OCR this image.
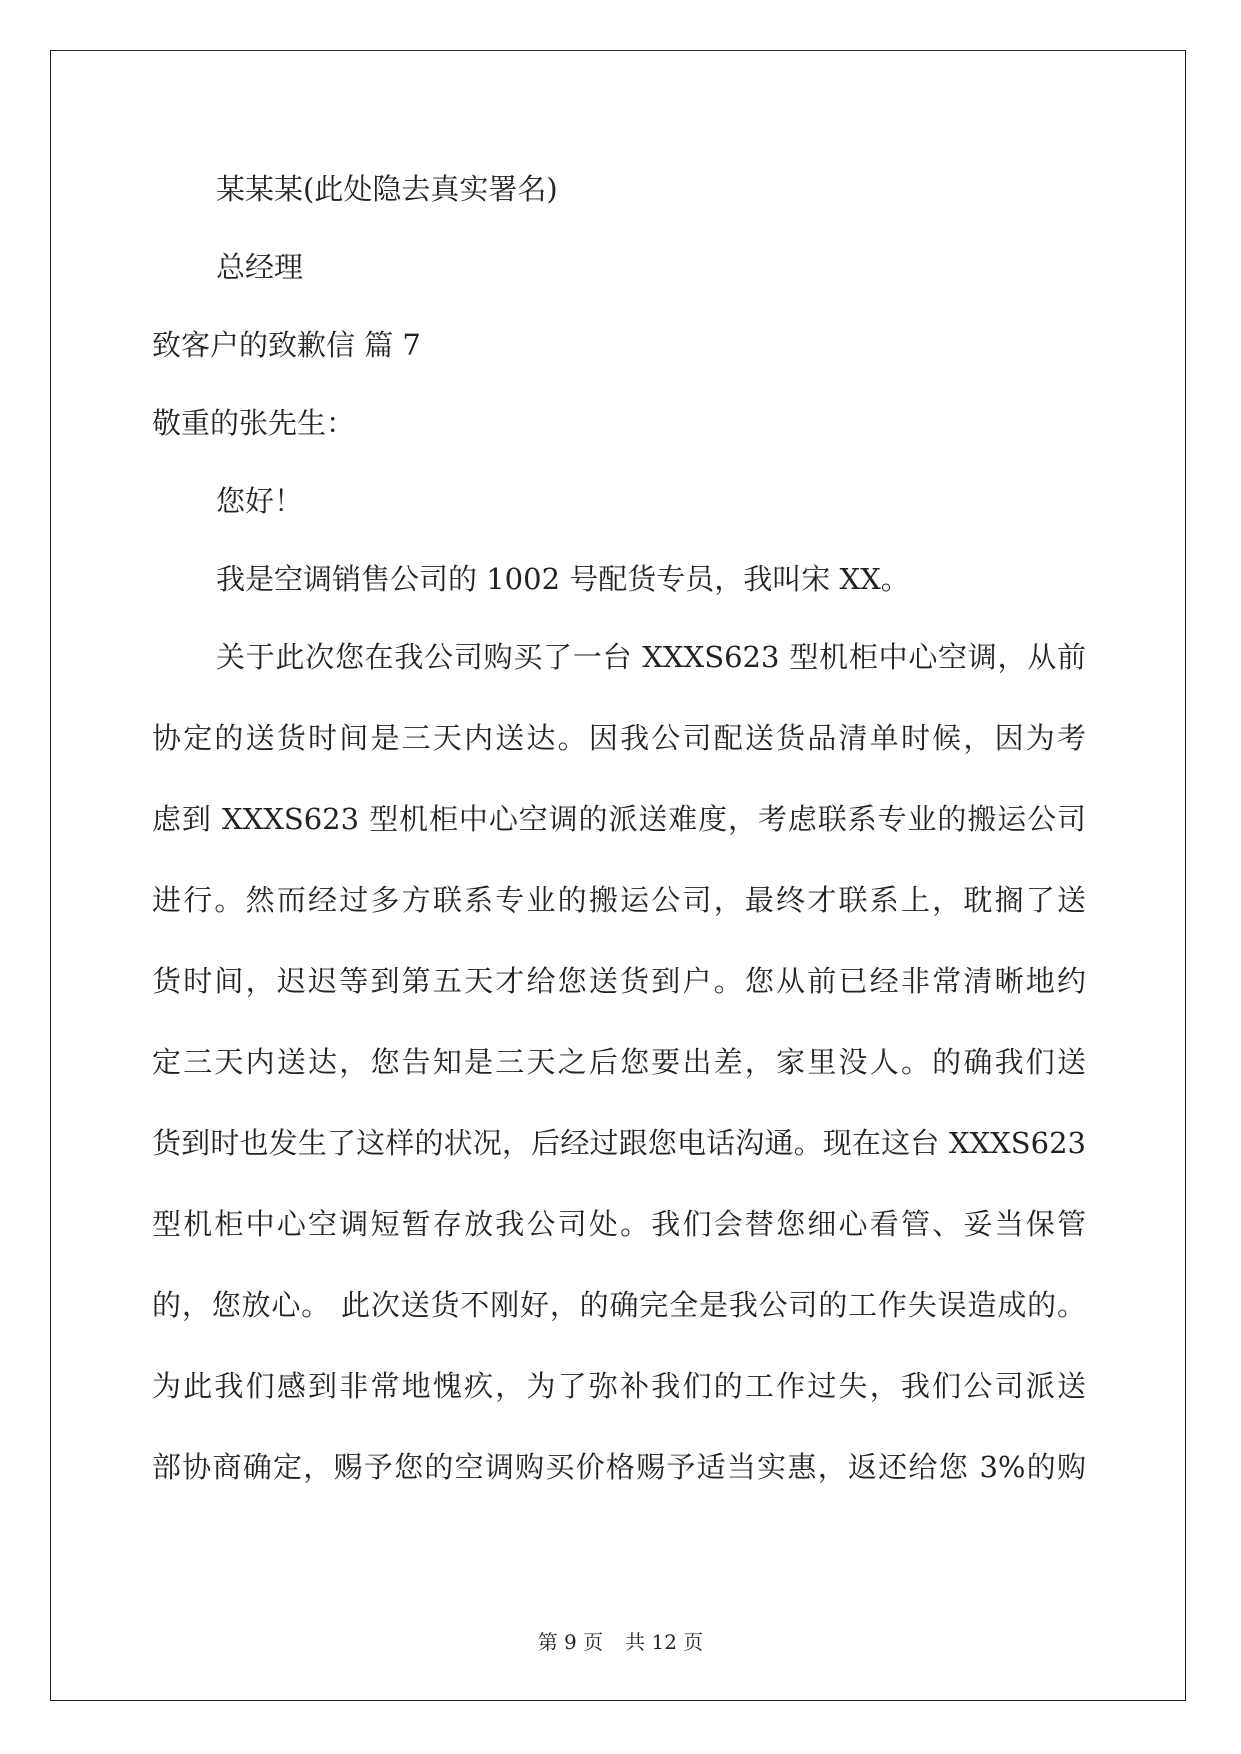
某某某(此处隐去真实署名)
总经理
致客户的致歉信 篇 7
敬重的张先生：
您好！
我是空调销售公司的 1002 号配货专员，我叫宋 XX。
关于此次您在我公司购买了一台 XXXS623 型机柜中心空调，从前
协定的送货时间是三天内送达。因我公司配送货品清单时候，因为考
虑到 XXXS623 型机柜中心空调的派送难度，考虑联系专业的搬运公司
进行。然而经过多方联系专业的搬运公司，最终才联系上，耽搁了送
货时间，迟迟等到第五天才给您送货到户。您从前已经非常清晰地约
定三天内送达，您告知是三天之后您要出差，家里没人。的确我们送
货到时也发生了这样的状况，后经过跟您电话沟通。现在这台 XXXS623
型机柜中心空调短暂存放我公司处。我们会替您细心看管、妥当保管
的，您放心。 此次送货不刚好，的确完全是我公司的工作失误造成的。
为此我们感到非常地愧疚，为了弥补我们的工作过失，我们公司派送
部协商确定，赐予您的空调购买价格赐予适当实惠，返还给您 3%的购
第 9 页 共 12 页
